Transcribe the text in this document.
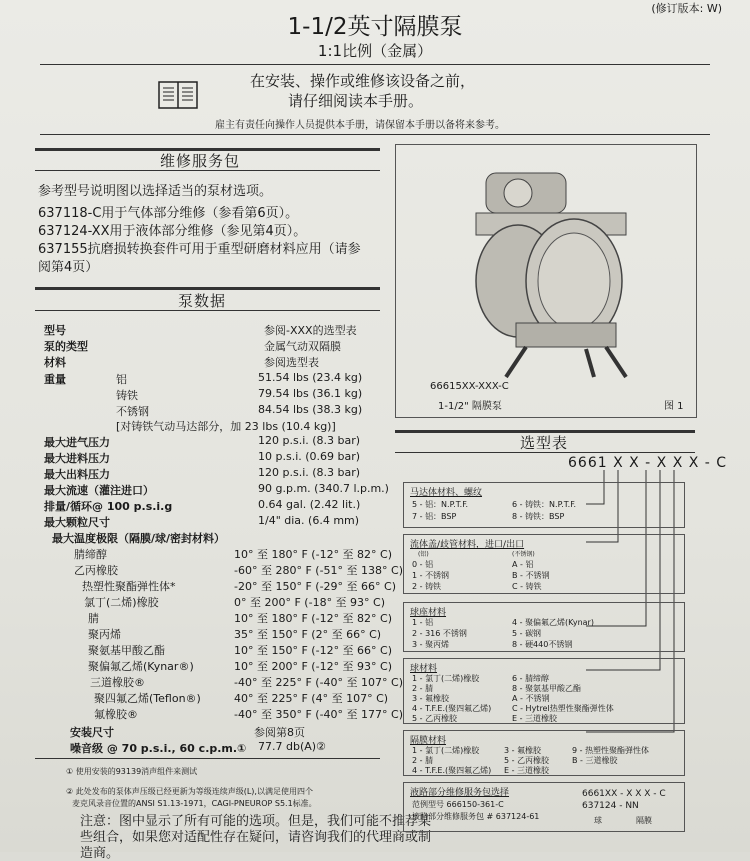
(修订版本: W)
1-1/2英寸隔膜泵
1:1比例（金属）
在安装、操作或维修该设备之前，
请仔细阅读本手册。
雇主有责任向操作人员提供本手册，请保留本手册以备将来参考。
维修服务包
参考型号说明图以选择适当的泵材选项。
637118-C用于气体部分维修（参看第6页）。
637124-XX用于液体部分维修（参见第4页）。
637155抗磨损转换套件可用于重型研磨材料应用（请参
阅第4页）
泵数据
型号	参阅-XXX的选型表
泵的类型	金属气动双隔膜
材料	参阅选型表
重量	铝	51.54 lbs (23.4 kg)
铸铁	79.54 lbs (36.1 kg)
不锈钢	84.54 lbs (38.3 kg)
[对铸铁气动马达部分，加 23 lbs (10.4 kg)]
最大进气压力	120 p.s.i. (8.3 bar)
最大进料压力	10 p.s.i. (0.69 bar)
最大出料压力	120 p.s.i. (8.3 bar)
最大流速（灌注进口）	90 g.p.m. (340.7 l.p.m.)
排量/循环@ 100 p.s.i.g	0.64 gal. (2.42 lit.)
最大颗粒尺寸	1/4" dia. (6.4 mm)
最大温度极限（隔膜/球/密封材料）
腈缔醇	10° 至 180° F (-12° 至 82° C)
乙丙橡胶	-60° 至 280° F (-51° 至 138° C)
热塑性聚酯弹性体*	-20° 至 150° F (-29° 至 66° C)
氯丁(二烯)橡胶	0° 至 200° F (-18° 至 93° C)
腈	10° 至 180° F (-12° 至 82° C)
聚丙烯	35° 至 150° F (2° 至 66° C)
聚氨基甲酸乙酯	10° 至 150° F (-12° 至 66° C)
聚偏氟乙烯(Kynar®)	10° 至 200° F (-12° 至 93° C)
三道橡胶®	-40° 至 225° F (-40° 至 107° C)
聚四氟乙烯(Teflon®)	40° 至 225° F (4° 至 107° C)
氟橡胶®	-40° 至 350° F (-40° 至 177° C)
安装尺寸	参阅第8页
噪音级 @ 70 p.s.i., 60 c.p.m.① 77.7 db(A)②
① 使用安装的93139消声组件来测试
② 此处发布的泵体声压级已经更新为等级连续声级(L),以满足使用四个
麦克风录音位置的ANSI S1.13-1971，CAGI-PNEUROP S5.1标准。
注意：图中显示了所有可能的选项。但是，我们可能不推荐某
些组合，如果您对适配性存在疑问，请咨询我们的代理商或制
造商。
66615XX-XXX-C
1-1/2" 隔膜泵	图 1
选型表
6661 X X - X X X - C
马达体材料、螺纹
5 - 铝：N.P.T.F.	6 - 铸铁：N.P.T.F.
7 - 铝：BSP	8 - 铸铁：BSP
流体盖/歧管材料，进口/出口
(铝)	(不锈钢)
0 - 铝	A - 铝
1 - 不锈钢	B - 不锈钢
2 - 铸铁	C - 铸铁
球座材料
1 - 铝	4 - 聚偏氟乙烯(Kynar)
2 - 316 不锈钢	5 - 碳钢
3 - 聚丙烯	8 - 硬440不锈钢
球材料
1 - 氯丁(二烯)橡胶	6 - 腈缔醇
2 - 腈	8 - 聚氨基甲酸乙酯
3 - 氟橡胶	A - 不锈钢
4 - T.F.E.(聚四氟乙烯)	C - Hytrel热塑性聚酯弹性体
5 - 乙丙橡胶	E - 三道橡胶
隔膜材料
1 - 氯丁(二烯)橡胶	3 - 氟橡胶	9 - 热塑性聚酯弹性体
2 - 腈	5 - 乙丙橡胶	B - 三道橡胶
4 - T.F.E.(聚四氟乙烯) E - 三道橡胶
液路部分维修服务包选择
范例型号 666150-361-C
液路部分维修服务包 # 637124-61
6661XX - X X X - C
637124 - NN
球	隔膜
